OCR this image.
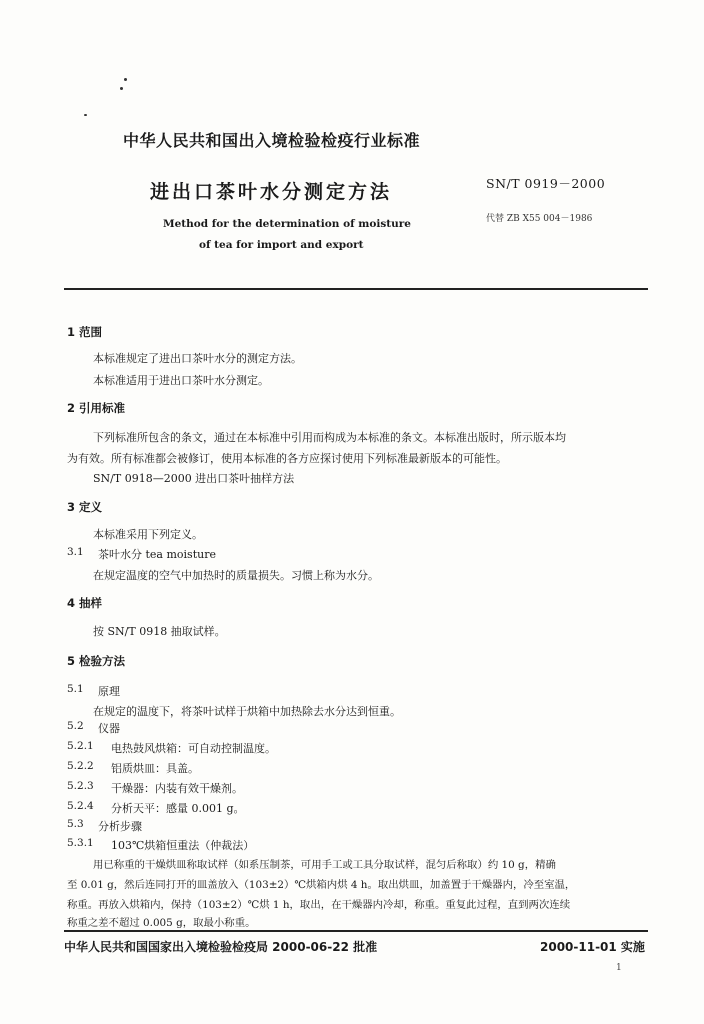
中华人民共和国出入境检验检疫行业标准
进出口茶叶水分测定方法	SN/T 0919－2000
代替 ZB X55 004－1986
Method for the determination of moisture
of tea for import and export
1 范围
本标准规定了进出口茶叶水分的测定方法。
本标准适用于进出口茶叶水分测定。
2 引用标准
下列标准所包含的条文，通过在本标准中引用而构成为本标准的条文。本标准出版时，所示版本均
为有效。所有标准都会被修订，使用本标准的各方应探讨使用下列标准最新版本的可能性。
SN/T 0918—2000 进出口茶叶抽样方法
3 定义
本标准采用下列定义。
3.1 茶叶水分 tea moisture
在规定温度的空气中加热时的质量损失。习惯上称为水分。
4 抽样
按 SN/T 0918 抽取试样。
5 检验方法
5.1 原理
在规定的温度下，将茶叶试样于烘箱中加热除去水分达到恒重。
5.2 仪器
5.2.1 电热鼓风烘箱：可自动控制温度。
5.2.2 铝质烘皿：具盖。
5.2.3 干燥器：内装有效干燥剂。
5.2.4 分析天平：感量 0.001 g。
5.3 分析步骤
5.3.1 103℃烘箱恒重法（仲裁法）
用已称重的干燥烘皿称取试样（如系压制茶，可用手工或工具分取试样，混匀后称取）约 10 g，精确
至 0.01 g，然后连同打开的皿盖放入（103±2）℃烘箱内烘 4 h。取出烘皿，加盖置于干燥器内，冷至室温，
称重。再放入烘箱内，保持（103±2）℃烘 1 h，取出，在干燥器内冷却，称重。重复此过程，直到两次连续
称重之差不超过 0.005 g，取最小称重。
中华人民共和国国家出入境检验检疫局 2000-06-22 批准	2000-11-01 实施
1
